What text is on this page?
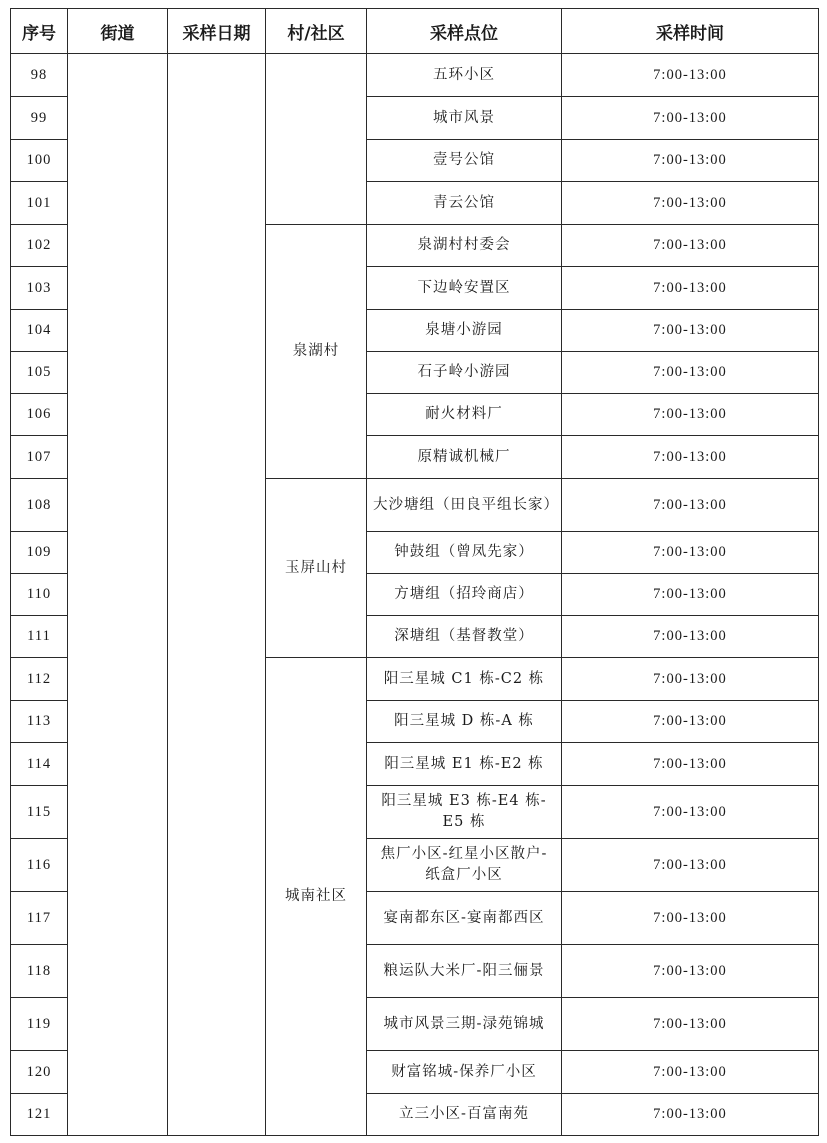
序号	街道	采样日期	村/社区	采样点位	采样时间
98				五环小区	7:00-13:00
99				城市风景	7:00-13:00
100				壹号公馆	7:00-13:00
101				青云公馆	7:00-13:00
102			泉湖村	泉湖村村委会	7:00-13:00
103				下边岭安置区	7:00-13:00
104				泉塘小游园	7:00-13:00
105				石子岭小游园	7:00-13:00
106				耐火材料厂	7:00-13:00
107				原精诚机械厂	7:00-13:00
108			玉屏山村	大沙塘组（田良平组长家）	7:00-13:00
109				钟鼓组（曾凤先家）	7:00-13:00
110				方塘组（招玲商店）	7:00-13:00
111				深塘组（基督教堂）	7:00-13:00
112			城南社区	阳三星城 C1 栋-C2 栋	7:00-13:00
113				阳三星城 D 栋-A 栋	7:00-13:00
114				阳三星城 E1 栋-E2 栋	7:00-13:00
115				阳三星城 E3 栋-E4 栋-E5 栋	7:00-13:00
116				焦厂小区-红星小区散户-纸盒厂小区	7:00-13:00
117				宴南都东区-宴南都西区	7:00-13:00
118				粮运队大米厂-阳三俪景	7:00-13:00
119				城市风景三期-渌苑锦城	7:00-13:00
120				财富铭城-保养厂小区	7:00-13:00
121				立三小区-百富南苑	7:00-13:00
